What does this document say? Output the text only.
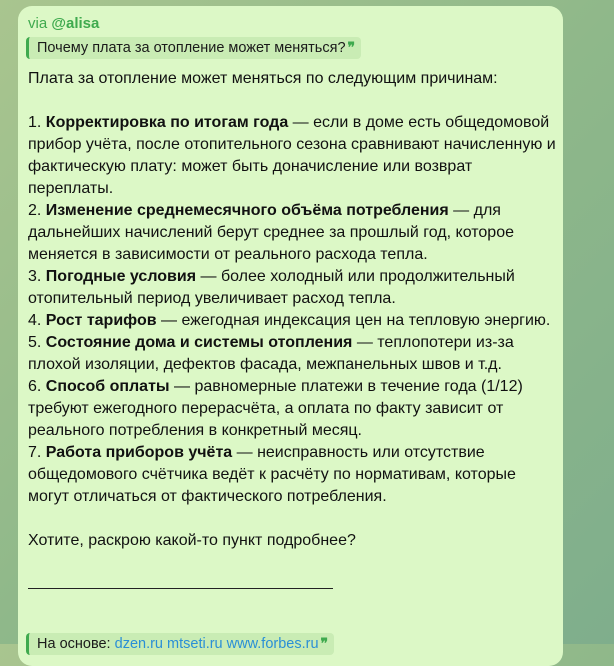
via @alisa
Почему плата за отопление может меняться? ❞

Плата за отопление может меняться по следующим причинам:

1. Корректировка по итогам года — если в доме есть общедомовой прибор учёта, после отопительного сезона сравнивают начисленную и фактическую плату: может быть доначисление или возврат переплаты.

2. Изменение среднемесячного объёма потребления — для дальнейших начислений берут среднее за прошлый год, которое меняется в зависимости от реального расхода тепла.

3. Погодные условия — более холодный или продолжительный отопительный период увеличивает расход тепла.

4. Рост тарифов — ежегодная индексация цен на тепловую энергию.

5. Состояние дома и системы отопления — теплопотери из-за плохой изоляции, дефектов фасада, межпанельных швов и т.д.

6. Способ оплаты — равномерные платежи в течение года (1/12) требуют ежегодного перерасчёта, а оплата по факту зависит от реального потребления в конкретный месяц.

7. Работа приборов учёта — неисправность или отсутствие общедомового счётчика ведёт к расчёту по нормативам, которые могут отличаться от фактического потребления.

Хотите, раскрою какой-то пункт подробнее?

На основе: dzen.ru mtseti.ru www.forbes.ru ❞
